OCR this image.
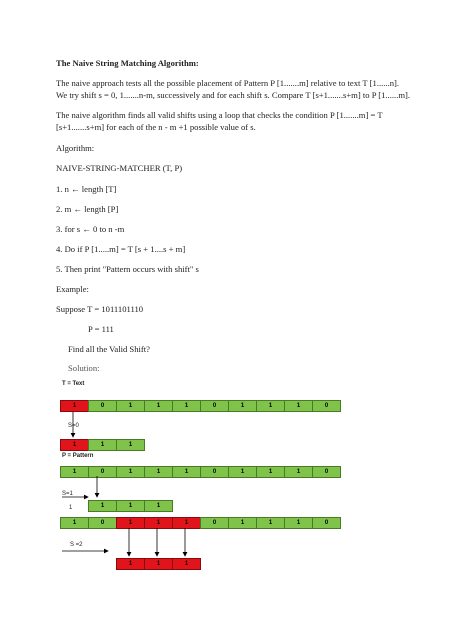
The Naive String Matching Algorithm:
The naive approach tests all the possible placement of Pattern P [1.......m] relative to text T [1......n].
We try shift s = 0, 1.......n-m, successively and for each shift s. Compare T [s+1.......s+m] to P [1......m].
The naive algorithm finds all valid shifts using a loop that checks the condition P [1.......m] = T
[s+1.......s+m] for each of the n - m +1 possible value of s.
Algorithm:
NAIVE-STRING-MATCHER (T, P)
1. n ← length [T]
2. m ← length [P]
3. for s ← 0 to n -m
4. Do if P [1.....m] = T [s + 1....s + m]
5. Then print "Pattern occurs with shift" s
Example:
Suppose T = 1011101110
P = 111
Find all the Valid Shift?
Solution:
T = Text
1	0	1	1	1	0	1	1	1	0
S=0
1	1	1
P = Pattern
1	0	1	1	1	0	1	1	1	0
S=1
1	1	1
1
1	0	1	1	1	0	1	1	1	0
S =2
1	1	1
